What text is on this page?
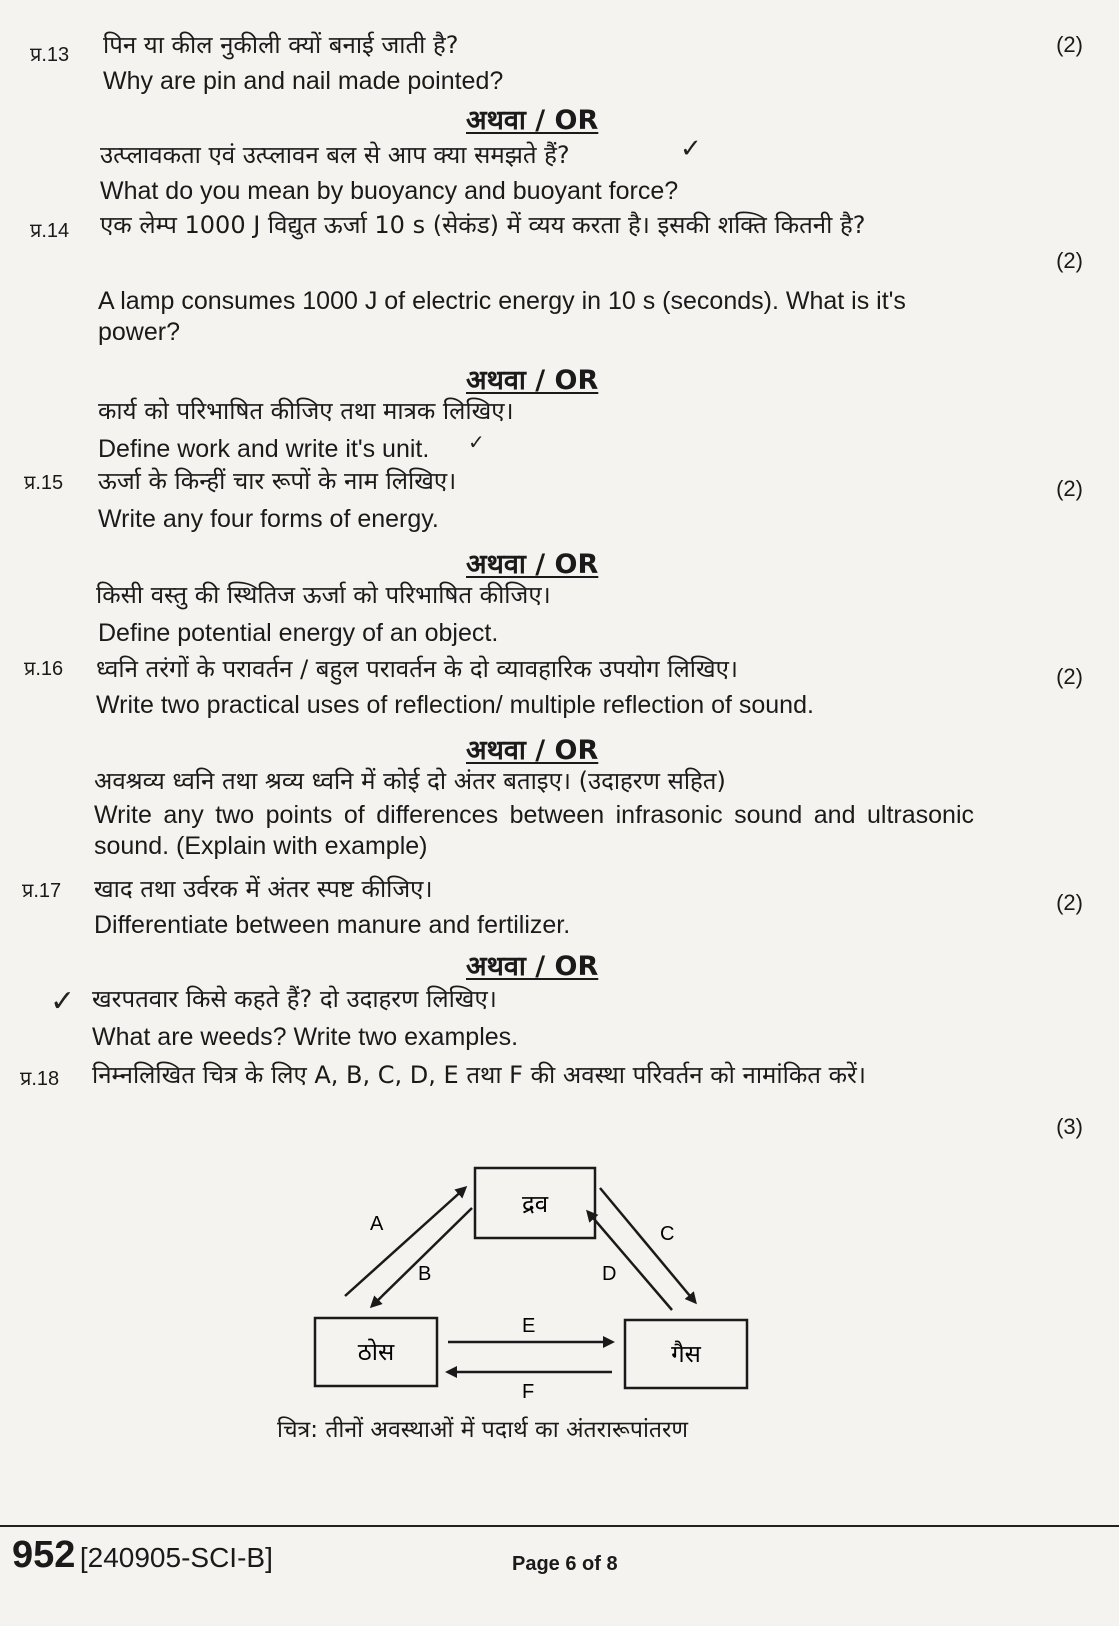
प्र.13	(2)
पिन या कील नुकीली क्यों बनाई जाती है?
Why are pin and nail made pointed?
अथवा / OR
उत्प्लावकता एवं उत्प्लावन बल से आप क्या समझते हैं?	✓
What do you mean by buoyancy and buoyant force?
प्र.14
(2)
एक लेम्प 1000 J विद्युत ऊर्जा 10 s (सेकंड) में व्यय करता है। इसकी शक्ति कितनी है?
A lamp consumes 1000 J of electric energy in 10 s (seconds). What is it's power?
अथवा / OR
कार्य को परिभाषित कीजिए तथा मात्रक लिखिए।
Define work and write it's unit. ✓
प्र.15	(2)
ऊर्जा के किन्हीं चार रूपों के नाम लिखिए।
Write any four forms of energy.
अथवा / OR
किसी वस्तु की स्थितिज ऊर्जा को परिभाषित कीजिए।
Define potential energy of an object.
प्र.16	(2)
ध्वनि तरंगों के परावर्तन / बहुल परावर्तन के दो व्यावहारिक उपयोग लिखिए।
Write two practical uses of reflection/ multiple reflection of sound.
अथवा / OR
अवश्रव्य ध्वनि तथा श्रव्य ध्वनि में कोई दो अंतर बताइए। (उदाहरण सहित)
Write any two points of differences between infrasonic sound and ultrasonic sound. (Explain with example)
प्र.17	(2)
खाद तथा उर्वरक में अंतर स्पष्ट कीजिए।
Differentiate between manure and fertilizer.
अथवा / OR
✓ खरपतवार किसे कहते हैं? दो उदाहरण लिखिए।
What are weeds? Write two examples.
प्र.18
(3)
निम्नलिखित चित्र के लिए A, B, C, D, E तथा F की अवस्था परिवर्तन को नामांकित करें।
द्रव
ठोस	गैस
A
B
C
D
E
F
चित्र: तीनों अवस्थाओं में पदार्थ का अंतरारूपांतरण
952 [240905-SCI-B]	Page 6 of 8
